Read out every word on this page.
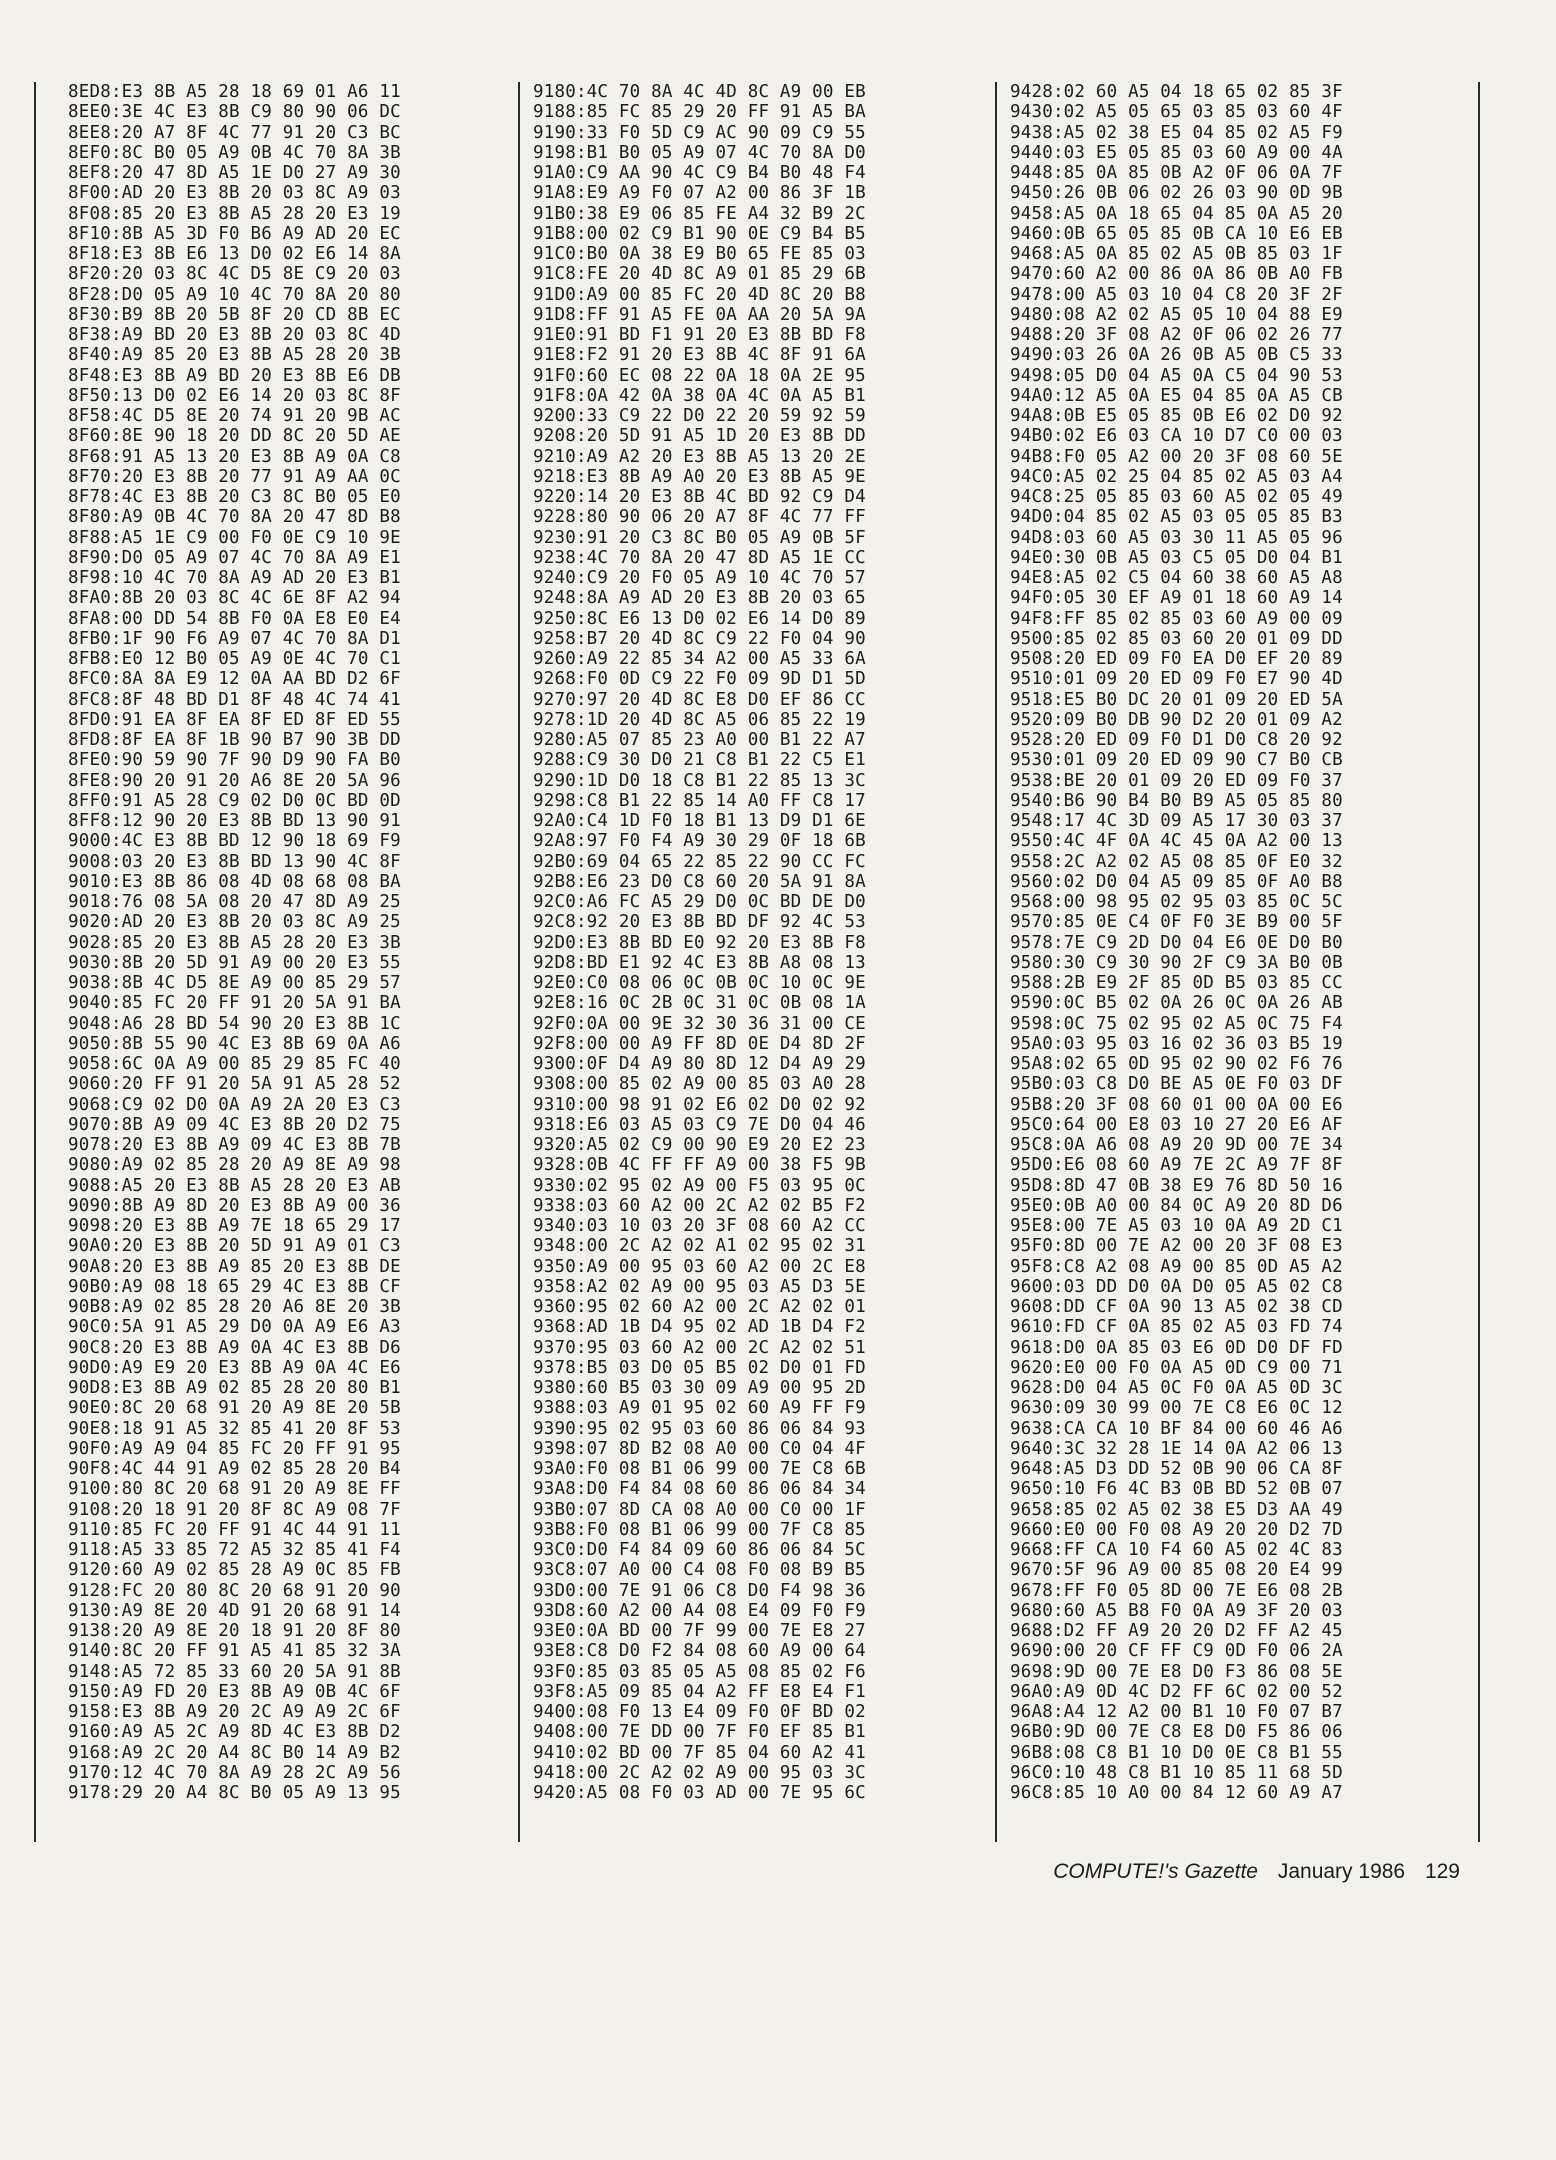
8ED8:E3 8B A5 28 18 69 01 A6 11
8EE0:3E 4C E3 8B C9 80 90 06 DC
8EE8:20 A7 8F 4C 77 91 20 C3 BC
8EF0:8C B0 05 A9 0B 4C 70 8A 3B
8EF8:20 47 8D A5 1E D0 27 A9 30
8F00:AD 20 E3 8B 20 03 8C A9 03
8F08:85 20 E3 8B A5 28 20 E3 19
8F10:8B A5 3D F0 B6 A9 AD 20 EC
8F18:E3 8B E6 13 D0 02 E6 14 8A
8F20:20 03 8C 4C D5 8E C9 20 03
8F28:D0 05 A9 10 4C 70 8A 20 80
8F30:B9 8B 20 5B 8F 20 CD 8B EC
8F38:A9 BD 20 E3 8B 20 03 8C 4D
8F40:A9 85 20 E3 8B A5 28 20 3B
8F48:E3 8B A9 BD 20 E3 8B E6 DB
8F50:13 D0 02 E6 14 20 03 8C 8F
8F58:4C D5 8E 20 74 91 20 9B AC
8F60:8E 90 18 20 DD 8C 20 5D AE
8F68:91 A5 13 20 E3 8B A9 0A C8
8F70:20 E3 8B 20 77 91 A9 AA 0C
8F78:4C E3 8B 20 C3 8C B0 05 E0
8F80:A9 0B 4C 70 8A 20 47 8D B8
8F88:A5 1E C9 00 F0 0E C9 10 9E
8F90:D0 05 A9 07 4C 70 8A A9 E1
8F98:10 4C 70 8A A9 AD 20 E3 B1
8FA0:8B 20 03 8C 4C 6E 8F A2 94
8FA8:00 DD 54 8B F0 0A E8 E0 E4
8FB0:1F 90 F6 A9 07 4C 70 8A D1
8FB8:E0 12 B0 05 A9 0E 4C 70 C1
8FC0:8A 8A E9 12 0A AA BD D2 6F
8FC8:8F 48 BD D1 8F 48 4C 74 41
8FD0:91 EA 8F EA 8F ED 8F ED 55
8FD8:8F EA 8F 1B 90 B7 90 3B DD
8FE0:90 59 90 7F 90 D9 90 FA B0
8FE8:90 20 91 20 A6 8E 20 5A 96
8FF0:91 A5 28 C9 02 D0 0C BD 0D
8FF8:12 90 20 E3 8B BD 13 90 91
9000:4C E3 8B BD 12 90 18 69 F9
9008:03 20 E3 8B BD 13 90 4C 8F
9010:E3 8B 86 08 4D 08 68 08 BA
9018:76 08 5A 08 20 47 8D A9 25
9020:AD 20 E3 8B 20 03 8C A9 25
9028:85 20 E3 8B A5 28 20 E3 3B
9030:8B 20 5D 91 A9 00 20 E3 55
9038:8B 4C D5 8E A9 00 85 29 57
9040:85 FC 20 FF 91 20 5A 91 BA
9048:A6 28 BD 54 90 20 E3 8B 1C
9050:8B 55 90 4C E3 8B 69 0A A6
9058:6C 0A A9 00 85 29 85 FC 40
9060:20 FF 91 20 5A 91 A5 28 52
9068:C9 02 D0 0A A9 2A 20 E3 C3
9070:8B A9 09 4C E3 8B 20 D2 75
9078:20 E3 8B A9 09 4C E3 8B 7B
9080:A9 02 85 28 20 A9 8E A9 98
9088:A5 20 E3 8B A5 28 20 E3 AB
9090:8B A9 8D 20 E3 8B A9 00 36
9098:20 E3 8B A9 7E 18 65 29 17
90A0:20 E3 8B 20 5D 91 A9 01 C3
90A8:20 E3 8B A9 85 20 E3 8B DE
90B0:A9 08 18 65 29 4C E3 8B CF
90B8:A9 02 85 28 20 A6 8E 20 3B
90C0:5A 91 A5 29 D0 0A A9 E6 A3
90C8:20 E3 8B A9 0A 4C E3 8B D6
90D0:A9 E9 20 E3 8B A9 0A 4C E6
90D8:E3 8B A9 02 85 28 20 80 B1
90E0:8C 20 68 91 20 A9 8E 20 5B
90E8:18 91 A5 32 85 41 20 8F 53
90F0:A9 A9 04 85 FC 20 FF 91 95
90F8:4C 44 91 A9 02 85 28 20 B4
9100:80 8C 20 68 91 20 A9 8E FF
9108:20 18 91 20 8F 8C A9 08 7F
9110:85 FC 20 FF 91 4C 44 91 11
9118:A5 33 85 72 A5 32 85 41 F4
9120:60 A9 02 85 28 A9 0C 85 FB
9128:FC 20 80 8C 20 68 91 20 90
9130:A9 8E 20 4D 91 20 68 91 14
9138:20 A9 8E 20 18 91 20 8F 80
9140:8C 20 FF 91 A5 41 85 32 3A
9148:A5 72 85 33 60 20 5A 91 8B
9150:A9 FD 20 E3 8B A9 0B 4C 6F
9158:E3 8B A9 20 2C A9 A9 2C 6F
9160:A9 A5 2C A9 8D 4C E3 8B D2
9168:A9 2C 20 A4 8C B0 14 A9 B2
9170:12 4C 70 8A A9 28 2C A9 56
9178:29 20 A4 8C B0 05 A9 13 95
9180:4C 70 8A 4C 4D 8C A9 00 EB
9188:85 FC 85 29 20 FF 91 A5 BA
9190:33 F0 5D C9 AC 90 09 C9 55
9198:B1 B0 05 A9 07 4C 70 8A D0
91A0:C9 AA 90 4C C9 B4 B0 48 F4
91A8:E9 A9 F0 07 A2 00 86 3F 1B
91B0:38 E9 06 85 FE A4 32 B9 2C
91B8:00 02 C9 B1 90 0E C9 B4 B5
91C0:B0 0A 38 E9 B0 65 FE 85 03
91C8:FE 20 4D 8C A9 01 85 29 6B
91D0:A9 00 85 FC 20 4D 8C 20 B8
91D8:FF 91 A5 FE 0A AA 20 5A 9A
91E0:91 BD F1 91 20 E3 8B BD F8
91E8:F2 91 20 E3 8B 4C 8F 91 6A
91F0:60 EC 08 22 0A 18 0A 2E 95
91F8:0A 42 0A 38 0A 4C 0A A5 B1
9200:33 C9 22 D0 22 20 59 92 59
9208:20 5D 91 A5 1D 20 E3 8B DD
9210:A9 A2 20 E3 8B A5 13 20 2E
9218:E3 8B A9 A0 20 E3 8B A5 9E
9220:14 20 E3 8B 4C BD 92 C9 D4
9228:80 90 06 20 A7 8F 4C 77 FF
9230:91 20 C3 8C B0 05 A9 0B 5F
9238:4C 70 8A 20 47 8D A5 1E CC
9240:C9 20 F0 05 A9 10 4C 70 57
9248:8A A9 AD 20 E3 8B 20 03 65
9250:8C E6 13 D0 02 E6 14 D0 89
9258:B7 20 4D 8C C9 22 F0 04 90
9260:A9 22 85 34 A2 00 A5 33 6A
9268:F0 0D C9 22 F0 09 9D D1 5D
9270:97 20 4D 8C E8 D0 EF 86 CC
9278:1D 20 4D 8C A5 06 85 22 19
9280:A5 07 85 23 A0 00 B1 22 A7
9288:C9 30 D0 21 C8 B1 22 C5 E1
9290:1D D0 18 C8 B1 22 85 13 3C
9298:C8 B1 22 85 14 A0 FF C8 17
92A0:C4 1D F0 18 B1 13 D9 D1 6E
92A8:97 F0 F4 A9 30 29 0F 18 6B
92B0:69 04 65 22 85 22 90 CC FC
92B8:E6 23 D0 C8 60 20 5A 91 8A
92C0:A6 FC A5 29 D0 0C BD DE D0
92C8:92 20 E3 8B BD DF 92 4C 53
92D0:E3 8B BD E0 92 20 E3 8B F8
92D8:BD E1 92 4C E3 8B A8 08 13
92E0:C0 08 06 0C 0B 0C 10 0C 9E
92E8:16 0C 2B 0C 31 0C 0B 08 1A
92F0:0A 00 9E 32 30 36 31 00 CE
92F8:00 00 A9 FF 8D 0E D4 8D 2F
9300:0F D4 A9 80 8D 12 D4 A9 29
9308:00 85 02 A9 00 85 03 A0 28
9310:00 98 91 02 E6 02 D0 02 92
9318:E6 03 A5 03 C9 7E D0 04 46
9320:A5 02 C9 00 90 E9 20 E2 23
9328:0B 4C FF FF A9 00 38 F5 9B
9330:02 95 02 A9 00 F5 03 95 0C
9338:03 60 A2 00 2C A2 02 B5 F2
9340:03 10 03 20 3F 08 60 A2 CC
9348:00 2C A2 02 A1 02 95 02 31
9350:A9 00 95 03 60 A2 00 2C E8
9358:A2 02 A9 00 95 03 A5 D3 5E
9360:95 02 60 A2 00 2C A2 02 01
9368:AD 1B D4 95 02 AD 1B D4 F2
9370:95 03 60 A2 00 2C A2 02 51
9378:B5 03 D0 05 B5 02 D0 01 FD
9380:60 B5 03 30 09 A9 00 95 2D
9388:03 A9 01 95 02 60 A9 FF F9
9390:95 02 95 03 60 86 06 84 93
9398:07 8D B2 08 A0 00 C0 04 4F
93A0:F0 08 B1 06 99 00 7E C8 6B
93A8:D0 F4 84 08 60 86 06 84 34
93B0:07 8D CA 08 A0 00 C0 00 1F
93B8:F0 08 B1 06 99 00 7F C8 85
93C0:D0 F4 84 09 60 86 06 84 5C
93C8:07 A0 00 C4 08 F0 08 B9 B5
93D0:00 7E 91 06 C8 D0 F4 98 36
93D8:60 A2 00 A4 08 E4 09 F0 F9
93E0:0A BD 00 7F 99 00 7E E8 27
93E8:C8 D0 F2 84 08 60 A9 00 64
93F0:85 03 85 05 A5 08 85 02 F6
93F8:A5 09 85 04 A2 FF E8 E4 F1
9400:08 F0 13 E4 09 F0 0F BD 02
9408:00 7E DD 00 7F F0 EF 85 B1
9410:02 BD 00 7F 85 04 60 A2 41
9418:00 2C A2 02 A9 00 95 03 3C
9420:A5 08 F0 03 AD 00 7E 95 6C
9428:02 60 A5 04 18 65 02 85 3F
9430:02 A5 05 65 03 85 03 60 4F
9438:A5 02 38 E5 04 85 02 A5 F9
9440:03 E5 05 85 03 60 A9 00 4A
9448:85 0A 85 0B A2 0F 06 0A 7F
9450:26 0B 06 02 26 03 90 0D 9B
9458:A5 0A 18 65 04 85 0A A5 20
9460:0B 65 05 85 0B CA 10 E6 EB
9468:A5 0A 85 02 A5 0B 85 03 1F
9470:60 A2 00 86 0A 86 0B A0 FB
9478:00 A5 03 10 04 C8 20 3F 2F
9480:08 A2 02 A5 05 10 04 88 E9
9488:20 3F 08 A2 0F 06 02 26 77
9490:03 26 0A 26 0B A5 0B C5 33
9498:05 D0 04 A5 0A C5 04 90 53
94A0:12 A5 0A E5 04 85 0A A5 CB
94A8:0B E5 05 85 0B E6 02 D0 92
94B0:02 E6 03 CA 10 D7 C0 00 03
94B8:F0 05 A2 00 20 3F 08 60 5E
94C0:A5 02 25 04 85 02 A5 03 A4
94C8:25 05 85 03 60 A5 02 05 49
94D0:04 85 02 A5 03 05 05 85 B3
94D8:03 60 A5 03 30 11 A5 05 96
94E0:30 0B A5 03 C5 05 D0 04 B1
94E8:A5 02 C5 04 60 38 60 A5 A8
94F0:05 30 EF A9 01 18 60 A9 14
94F8:FF 85 02 85 03 60 A9 00 09
9500:85 02 85 03 60 20 01 09 DD
9508:20 ED 09 F0 EA D0 EF 20 89
9510:01 09 20 ED 09 F0 E7 90 4D
9518:E5 B0 DC 20 01 09 20 ED 5A
9520:09 B0 DB 90 D2 20 01 09 A2
9528:20 ED 09 F0 D1 D0 C8 20 92
9530:01 09 20 ED 09 90 C7 B0 CB
9538:BE 20 01 09 20 ED 09 F0 37
9540:B6 90 B4 B0 B9 A5 05 85 80
9548:17 4C 3D 09 A5 17 30 03 37
9550:4C 4F 0A 4C 45 0A A2 00 13
9558:2C A2 02 A5 08 85 0F E0 32
9560:02 D0 04 A5 09 85 0F A0 B8
9568:00 98 95 02 95 03 85 0C 5C
9570:85 0E C4 0F F0 3E B9 00 5F
9578:7E C9 2D D0 04 E6 0E D0 B0
9580:30 C9 30 90 2F C9 3A B0 0B
9588:2B E9 2F 85 0D B5 03 85 CC
9590:0C B5 02 0A 26 0C 0A 26 AB
9598:0C 75 02 95 02 A5 0C 75 F4
95A0:03 95 03 16 02 36 03 B5 19
95A8:02 65 0D 95 02 90 02 F6 76
95B0:03 C8 D0 BE A5 0E F0 03 DF
95B8:20 3F 08 60 01 00 0A 00 E6
95C0:64 00 E8 03 10 27 20 E6 AF
95C8:0A A6 08 A9 20 9D 00 7E 34
95D0:E6 08 60 A9 7E 2C A9 7F 8F
95D8:8D 47 0B 38 E9 76 8D 50 16
95E0:0B A0 00 84 0C A9 20 8D D6
95E8:00 7E A5 03 10 0A A9 2D C1
95F0:8D 00 7E A2 00 20 3F 08 E3
95F8:C8 A2 08 A9 00 85 0D A5 A2
9600:03 DD D0 0A D0 05 A5 02 C8
9608:DD CF 0A 90 13 A5 02 38 CD
9610:FD CF 0A 85 02 A5 03 FD 74
9618:D0 0A 85 03 E6 0D D0 DF FD
9620:E0 00 F0 0A A5 0D C9 00 71
9628:D0 04 A5 0C F0 0A A5 0D 3C
9630:09 30 99 00 7E C8 E6 0C 12
9638:CA CA 10 BF 84 00 60 46 A6
9640:3C 32 28 1E 14 0A A2 06 13
9648:A5 D3 DD 52 0B 90 06 CA 8F
9650:10 F6 4C B3 0B BD 52 0B 07
9658:85 02 A5 02 38 E5 D3 AA 49
9660:E0 00 F0 08 A9 20 20 D2 7D
9668:FF CA 10 F4 60 A5 02 4C 83
9670:5F 96 A9 00 85 08 20 E4 99
9678:FF F0 05 8D 00 7E E6 08 2B
9680:60 A5 B8 F0 0A A9 3F 20 03
9688:D2 FF A9 20 20 D2 FF A2 45
9690:00 20 CF FF C9 0D F0 06 2A
9698:9D 00 7E E8 D0 F3 86 08 5E
96A0:A9 0D 4C D2 FF 6C 02 00 52
96A8:A4 12 A2 00 B1 10 F0 07 B7
96B0:9D 00 7E C8 E8 D0 F5 86 06
96B8:08 C8 B1 10 D0 0E C8 B1 55
96C0:10 48 C8 B1 10 85 11 68 5D
96C8:85 10 A0 00 84 12 60 A9 A7
COMPUTE!'s Gazette January 1986 129
